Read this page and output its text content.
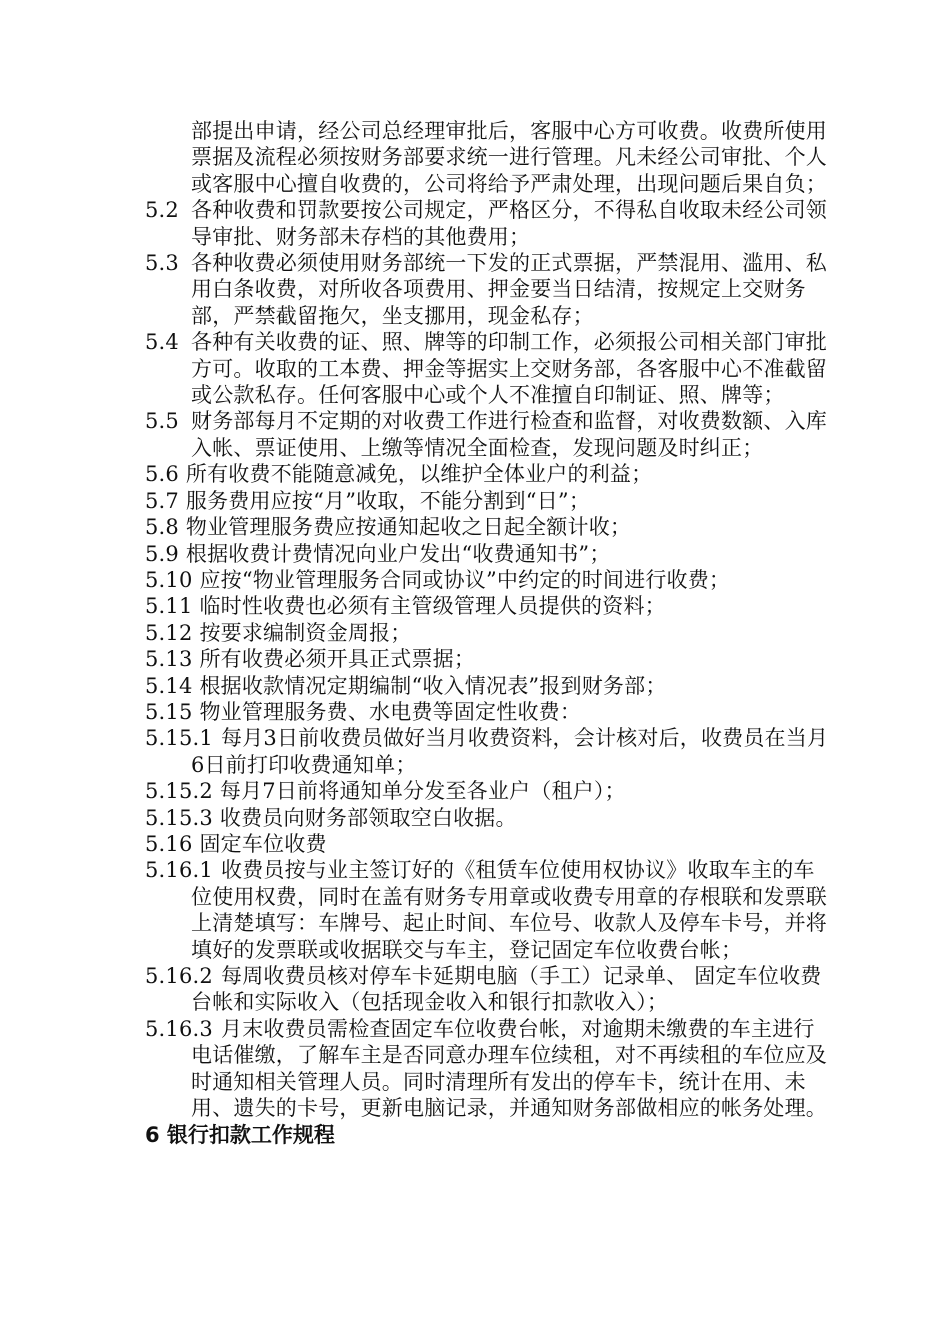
部提出申请，经公司总经理审批后，客服中心方可收费。收费所使用票据及流程必须按财务部要求统一进行管理。凡未经公司审批、个人或客服中心擅自收费的，公司将给予严肃处理，出现问题后果自负；
5.2 各种收费和罚款要按公司规定，严格区分，不得私自收取未经公司领导审批、财务部未存档的其他费用；
5.3 各种收费必须使用财务部统一下发的正式票据，严禁混用、滥用、私用白条收费，对所收各项费用、押金要当日结清，按规定上交财务部，严禁截留拖欠，坐支挪用，现金私存；
5.4 各种有关收费的证、照、牌等的印制工作，必须报公司相关部门审批方可。收取的工本费、押金等据实上交财务部，各客服中心不准截留或公款私存。任何客服中心或个人不准擅自印制证、照、牌等；
5.5 财务部每月不定期的对收费工作进行检查和监督，对收费数额、入库入帐、票证使用、上缴等情况全面检查，发现问题及时纠正；
5.6 所有收费不能随意减免，以维护全体业户的利益；
5.7 服务费用应按“月”收取，不能分割到“日”；
5.8 物业管理服务费应按通知起收之日起全额计收；
5.9 根据收费计费情况向业户发出“收费通知书”；
5.10 应按“物业管理服务合同或协议”中约定的时间进行收费；
5.11 临时性收费也必须有主管级管理人员提供的资料；
5.12 按要求编制资金周报；
5.13 所有收费必须开具正式票据；
5.14 根据收款情况定期编制“收入情况表”报到财务部；
5.15 物业管理服务费、水电费等固定性收费：
5.15.1 每月3日前收费员做好当月收费资料，会计核对后，收费员在当月6日前打印收费通知单；
5.15.2 每月7日前将通知单分发至各业户（租户）；
5.15.3 收费员向财务部领取空白收据。
5.16 固定车位收费
5.16.1 收费员按与业主签订好的《租赁车位使用权协议》收取车主的车位使用权费，同时在盖有财务专用章或收费专用章的存根联和发票联上清楚填写：车牌号、起止时间、车位号、收款人及停车卡号，并将填好的发票联或收据联交与车主，登记固定车位收费台帐；
5.16.2 每周收费员核对停车卡延期电脑（手工）记录单、 固定车位收费台帐和实际收入（包括现金收入和银行扣款收入）；
5.16.3 月末收费员需检查固定车位收费台帐，对逾期未缴费的车主进行电话催缴，了解车主是否同意办理车位续租，对不再续租的车位应及时通知相关管理人员。同时清理所有发出的停车卡，统计在用、未用、遗失的卡号，更新电脑记录，并通知财务部做相应的帐务处理。
6 银行扣款工作规程
